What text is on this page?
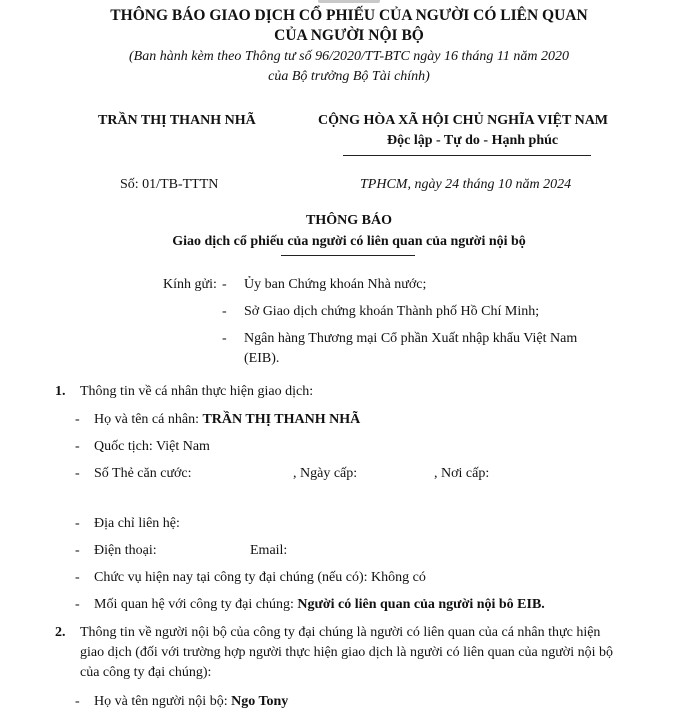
THÔNG BÁO GIAO DỊCH CỔ PHIẾU CỦA NGƯỜI CÓ LIÊN QUAN
CỦA NGƯỜI NỘI BỘ
(Ban hành kèm theo Thông tư số 96/2020/TT-BTC ngày 16 tháng 11 năm 2020
của Bộ trưởng Bộ Tài chính)
TRẦN THỊ THANH NHÃ	CỘNG HÒA XÃ HỘI CHỦ NGHĨA VIỆT NAM
Độc lập - Tự do - Hạnh phúc
Số: 01/TB-TTTN	TPHCM, ngày 24 tháng 10 năm 2024
THÔNG BÁO
Giao dịch cổ phiếu của người có liên quan của người nội bộ
Kính gửi: - Ủy ban Chứng khoán Nhà nước;
- Sở Giao dịch chứng khoán Thành phố Hồ Chí Minh;
- Ngân hàng Thương mại Cổ phần Xuất nhập khẩu Việt Nam
(EIB).
1. Thông tin về cá nhân thực hiện giao dịch:
- Họ và tên cá nhân: TRẦN THỊ THANH NHÃ
- Quốc tịch: Việt Nam
- Số Thẻ căn cước:	, Ngày cấp:	, Nơi cấp:
- Địa chỉ liên hệ:
- Điện thoại:	Email:
- Chức vụ hiện nay tại công ty đại chúng (nếu có): Không có
- Mối quan hệ với công ty đại chúng: Người có liên quan của người nội bô EIB.
2. Thông tin về người nội bộ của công ty đại chúng là người có liên quan của cá nhân thực hiện
giao dịch (đối với trường hợp người thực hiện giao dịch là người có liên quan của người nội bộ
của công ty đại chúng):
- Họ và tên người nội bộ: Ngo Tony
